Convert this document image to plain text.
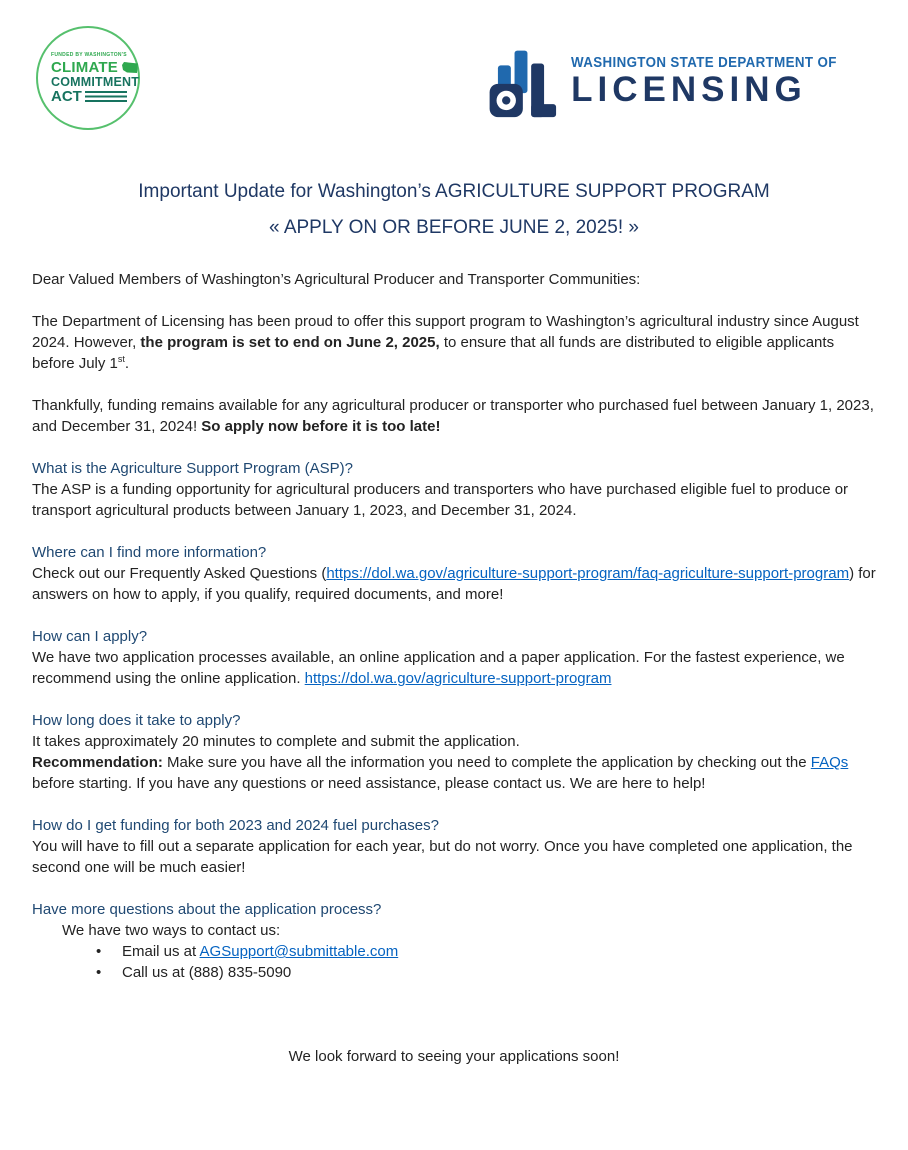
FUNDED BY WASHINGTON'S
CLIMATE
COMMITMENT
ACT
WASHINGTON STATE DEPARTMENT OF
LICENSING
Important Update for Washington’s AGRICULTURE SUPPORT PROGRAM
« APPLY ON OR BEFORE JUNE 2, 2025! »
Dear Valued Members of Washington’s Agricultural Producer and Transporter Communities:
The Department of Licensing has been proud to offer this support program to Washington’s agricultural industry since August 2024. However, the program is set to end on June 2, 2025, to ensure that all funds are distributed to eligible applicants before July 1st.
Thankfully, funding remains available for any agricultural producer or transporter who purchased fuel between January 1, 2023, and December 31, 2024! So apply now before it is too late!
What is the Agriculture Support Program (ASP)?
The ASP is a funding opportunity for agricultural producers and transporters who have purchased eligible fuel to produce or transport agricultural products between January 1, 2023, and December 31, 2024.
Where can I find more information?
Check out our Frequently Asked Questions (https://dol.wa.gov/agriculture-support-program/faq-agriculture-support-program) for answers on how to apply, if you qualify, required documents, and more!
How can I apply?
We have two application processes available, an online application and a paper application. For the fastest experience, we recommend using the online application. https://dol.wa.gov/agriculture-support-program
How long does it take to apply?
It takes approximately 20 minutes to complete and submit the application.
Recommendation: Make sure you have all the information you need to complete the application by checking out the FAQs before starting. If you have any questions or need assistance, please contact us. We are here to help!
How do I get funding for both 2023 and 2024 fuel purchases?
You will have to fill out a separate application for each year, but do not worry. Once you have completed one application, the second one will be much easier!
Have more questions about the application process?
We have two ways to contact us:
•	Email us at AGSupport@submittable.com
•	Call us at (888) 835-5090
We look forward to seeing your applications soon!
